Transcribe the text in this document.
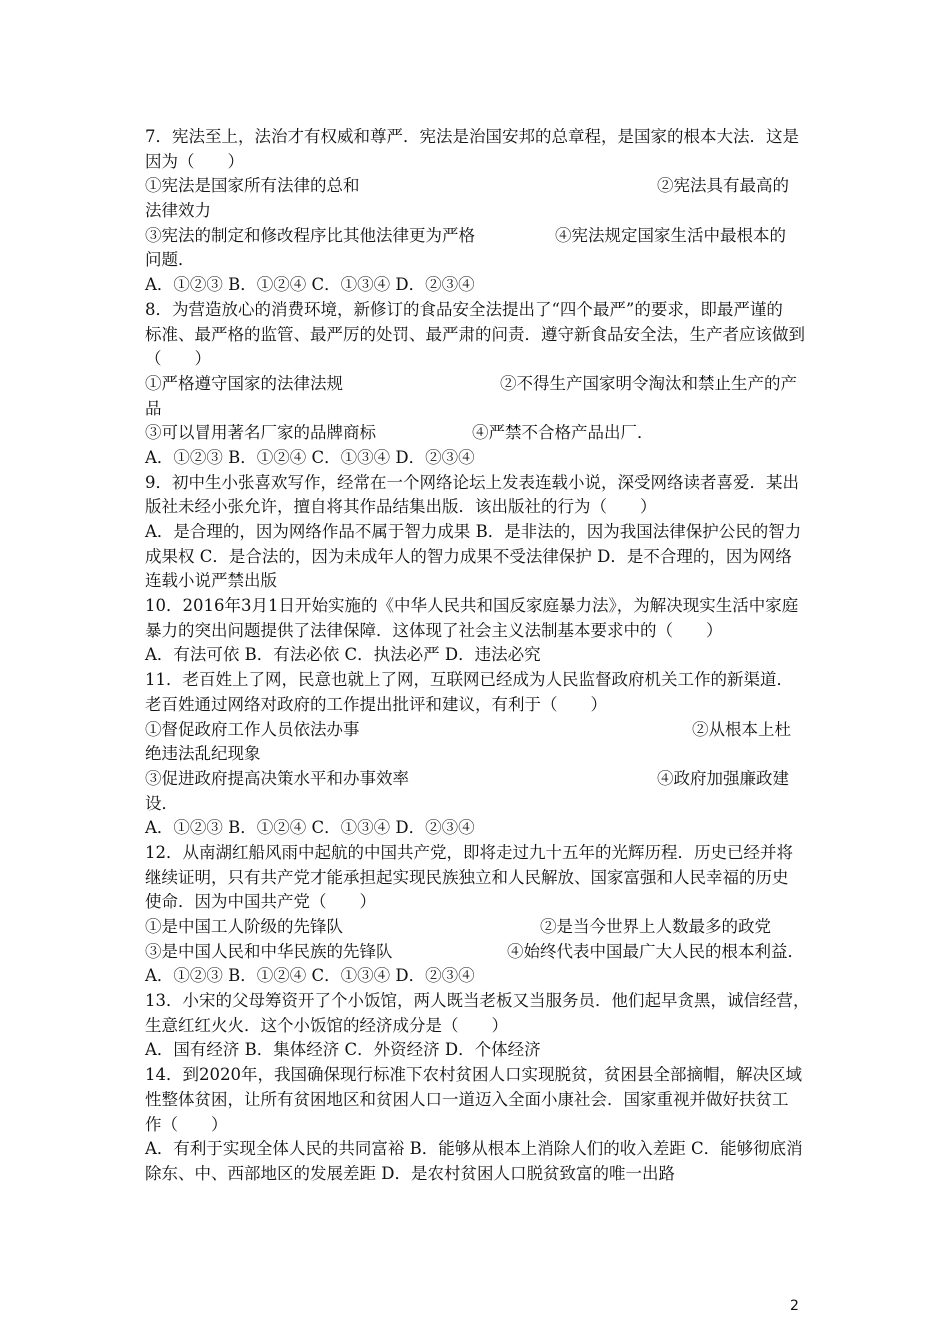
7．宪法至上，法治才有权威和尊严．宪法是治国安邦的总章程，是国家的根本大法．这是
因为（　　）
①宪法是国家所有法律的总和	②宪法具有最高的
法律效力
③宪法的制定和修改程序比其他法律更为严格	④宪法规定国家生活中最根本的
问题．
A．①②③ B．①②④ C．①③④ D．②③④
8．为营造放心的消费环境，新修订的食品安全法提出了“四个最严”的要求，即最严谨的
标准、最严格的监管、最严厉的处罚、最严肃的问责．遵守新食品安全法，生产者应该做到
（　　）
①严格遵守国家的法律法规	②不得生产国家明令淘汰和禁止生产的产
品
③可以冒用著名厂家的品牌商标	④严禁不合格产品出厂．
A．①②③ B．①②④ C．①③④ D．②③④
9．初中生小张喜欢写作，经常在一个网络论坛上发表连载小说，深受网络读者喜爱．某出
版社未经小张允许，擅自将其作品结集出版．该出版社的行为（　　）
A．是合理的，因为网络作品不属于智力成果 B．是非法的，因为我国法律保护公民的智力
成果权 C．是合法的，因为未成年人的智力成果不受法律保护 D．是不合理的，因为网络
连载小说严禁出版
10．2016年3月1日开始实施的《中华人民共和国反家庭暴力法》，为解决现实生活中家庭
暴力的突出问题提供了法律保障．这体现了社会主义法制基本要求中的（　　）
A．有法可依 B．有法必依 C．执法必严 D．违法必究
11．老百姓上了网，民意也就上了网，互联网已经成为人民监督政府机关工作的新渠道．
老百姓通过网络对政府的工作提出批评和建议，有利于（　　）
①督促政府工作人员依法办事	②从根本上杜
绝违法乱纪现象
③促进政府提高决策水平和办事效率	④政府加强廉政建
设．
A．①②③ B．①②④ C．①③④ D．②③④
12．从南湖红船风雨中起航的中国共产党，即将走过九十五年的光辉历程．历史已经并将
继续证明，只有共产党才能承担起实现民族独立和人民解放、国家富强和人民幸福的历史
使命．因为中国共产党（　　）
①是中国工人阶级的先锋队	②是当今世界上人数最多的政党
③是中国人民和中华民族的先锋队	④始终代表中国最广大人民的根本利益．
A．①②③ B．①②④ C．①③④ D．②③④
13．小宋的父母筹资开了个小饭馆，两人既当老板又当服务员．他们起早贪黑，诚信经营，
生意红红火火．这个小饭馆的经济成分是（　　）
A．国有经济 B．集体经济 C．外资经济 D．个体经济
14．到2020年，我国确保现行标准下农村贫困人口实现脱贫，贫困县全部摘帽，解决区域
性整体贫困，让所有贫困地区和贫困人口一道迈入全面小康社会．国家重视并做好扶贫工
作（　　）
A．有利于实现全体人民的共同富裕 B．能够从根本上消除人们的收入差距 C．能够彻底消
除东、中、西部地区的发展差距 D．是农村贫困人口脱贫致富的唯一出路
2
